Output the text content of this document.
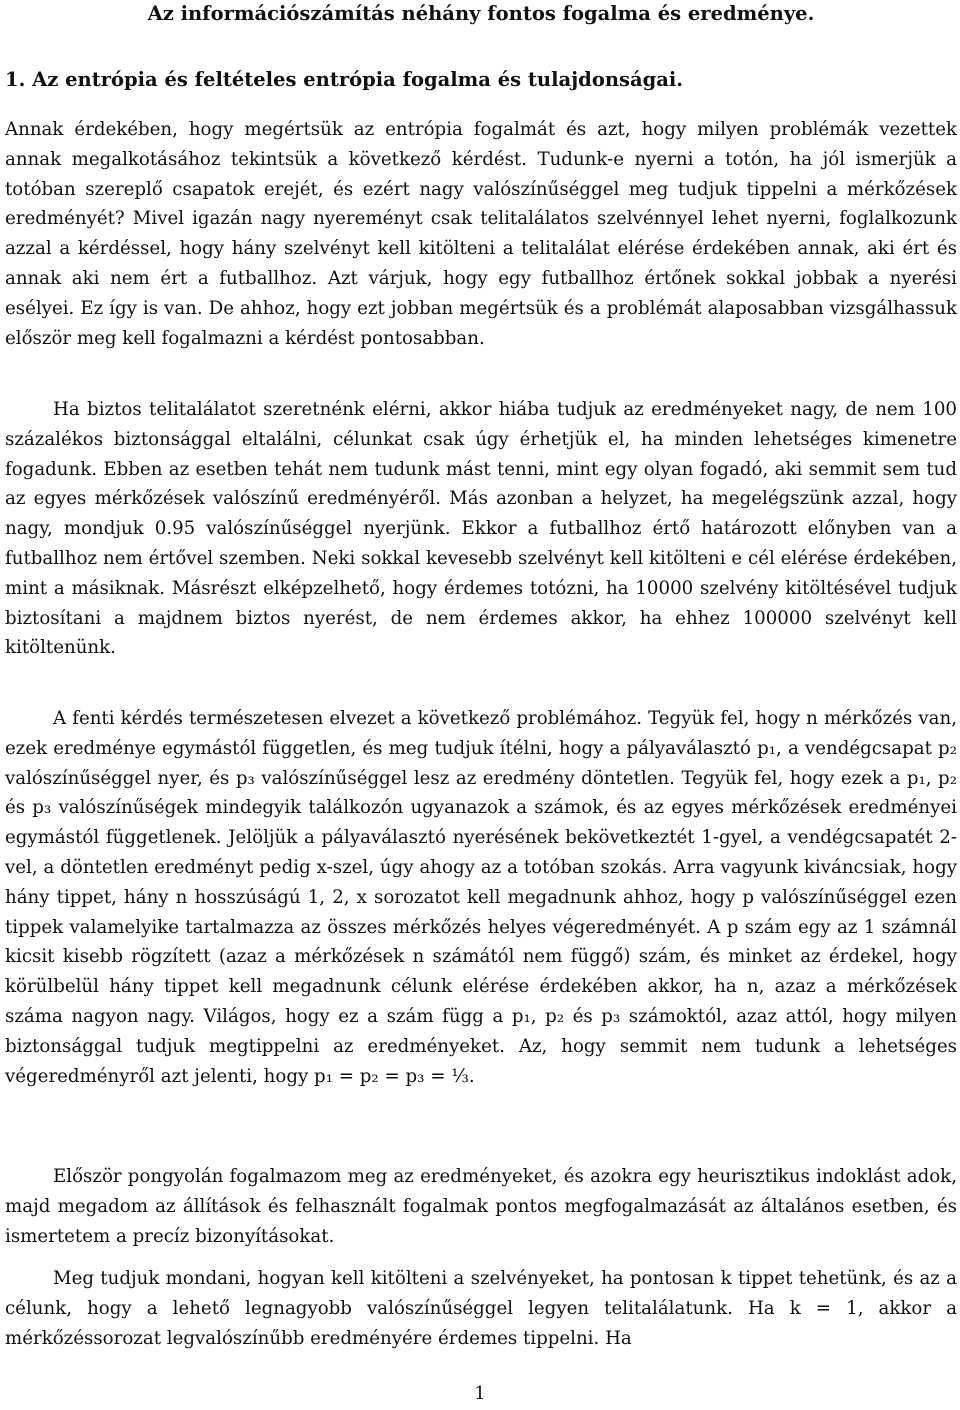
Az információszámítás néhány fontos fogalma és eredménye.
1. Az entrópia és feltételes entrópia fogalma és tulajdonságai.

Annak érdekében, hogy megértsük az entrópia fogalmát és azt, hogy milyen problémák vezettek annak megalkotásához tekintsük a következő kérdést. Tudunk-e nyerni a totón, ha jól ismerjük a totóban szereplő csapatok erejét, és ezért nagy valószínűséggel meg tudjuk tippelni a mérkőzések eredményét? Mivel igazán nagy nyereményt csak telitalálatos szelvénnyel lehet nyerni, foglalkozunk azzal a kérdéssel, hogy hány szelvényt kell kitölteni a telitalálat elérése érdekében annak, aki ért és annak aki nem ért a futballhoz. Azt várjuk, hogy egy futballhoz értőnek sokkal jobbak a nyerési esélyei. Ez így is van. De ahhoz, hogy ezt jobban megértsük és a problémát alaposabban vizsgálhassuk először meg kell fogalmazni a kérdést pontosabban.

Ha biztos telitalálatot szeretnénk elérni, akkor hiába tudjuk az eredményeket nagy, de nem 100 százalékos biztonsággal eltalálni, célunkat csak úgy érhetjük el, ha minden lehetséges kimenetre fogadunk. Ebben az esetben tehát nem tudunk mást tenni, mint egy olyan fogadó, aki semmit sem tud az egyes mérkőzések valószínű eredményéről. Más azonban a helyzet, ha megelégszünk azzal, hogy nagy, mondjuk 0.95 valószínűséggel nyerjünk. Ekkor a futballhoz értő határozott előnyben van a futballhoz nem értővel szemben. Neki sokkal kevesebb szelvényt kell kitölteni e cél elérése érdekében, mint a másiknak. Másrészt elképzelhető, hogy érdemes totózni, ha 10000 szelvény kitöltésével tudjuk biztosítani a majdnem biztos nyerést, de nem érdemes akkor, ha ehhez 100000 szelvényt kell kitöltenünk.

A fenti kérdés természetesen elvezet a következő problémához. Tegyük fel, hogy n mérkőzés van, ezek eredménye egymástól független, és meg tudjuk ítélni, hogy a pályaválasztó p₁, a vendégcsapat p₂ valószínűséggel nyer, és p₃ valószínűséggel lesz az eredmény döntetlen. Tegyük fel, hogy ezek a p₁, p₂ és p₃ valószínűségek mindegyik találkozón ugyanazok a számok, és az egyes mérkőzések eredményei egymástól függetlenek. Jelöljük a pályaválasztó nyerésének bekövetkeztét 1-gyel, a vendégcsapatét 2-vel, a döntetlen eredményt pedig x-szel, úgy ahogy az a totóban szokás. Arra vagyunk kiváncsiak, hogy hány tippet, hány n hosszúságú 1, 2, x sorozatot kell megadnunk ahhoz, hogy p valószínűséggel ezen tippek valamelyike tartalmazza az összes mérkőzés helyes végeredményét. A p szám egy az 1 számnál kicsit kisebb rögzített (azaz a mérkőzések n számától nem függő) szám, és minket az érdekel, hogy körülbelül hány tippet kell megadnunk célunk elérése érdekében akkor, ha n, azaz a mérkőzések száma nagyon nagy. Világos, hogy ez a szám függ a p₁, p₂ és p₃ számoktól, azaz attól, hogy milyen biztonsággal tudjuk megtippelni az eredményeket. Az, hogy semmit nem tudunk a lehetséges végeredményről azt jelenti, hogy p₁ = p₂ = p₃ = ⅓.

Először pongyolán fogalmazom meg az eredményeket, és azokra egy heurisztikus indoklást adok, majd megadom az állítások és felhasznált fogalmak pontos megfogalmazását az általános esetben, és ismertetem a precíz bizonyításokat.

Meg tudjuk mondani, hogyan kell kitölteni a szelvényeket, ha pontosan k tippet tehetünk, és az a célunk, hogy a lehető legnagyobb valószínűséggel legyen telitalálatunk. Ha k = 1, akkor a mérkőzéssorozat legvalószínűbb eredményére érdemes tippelni. Ha

1
